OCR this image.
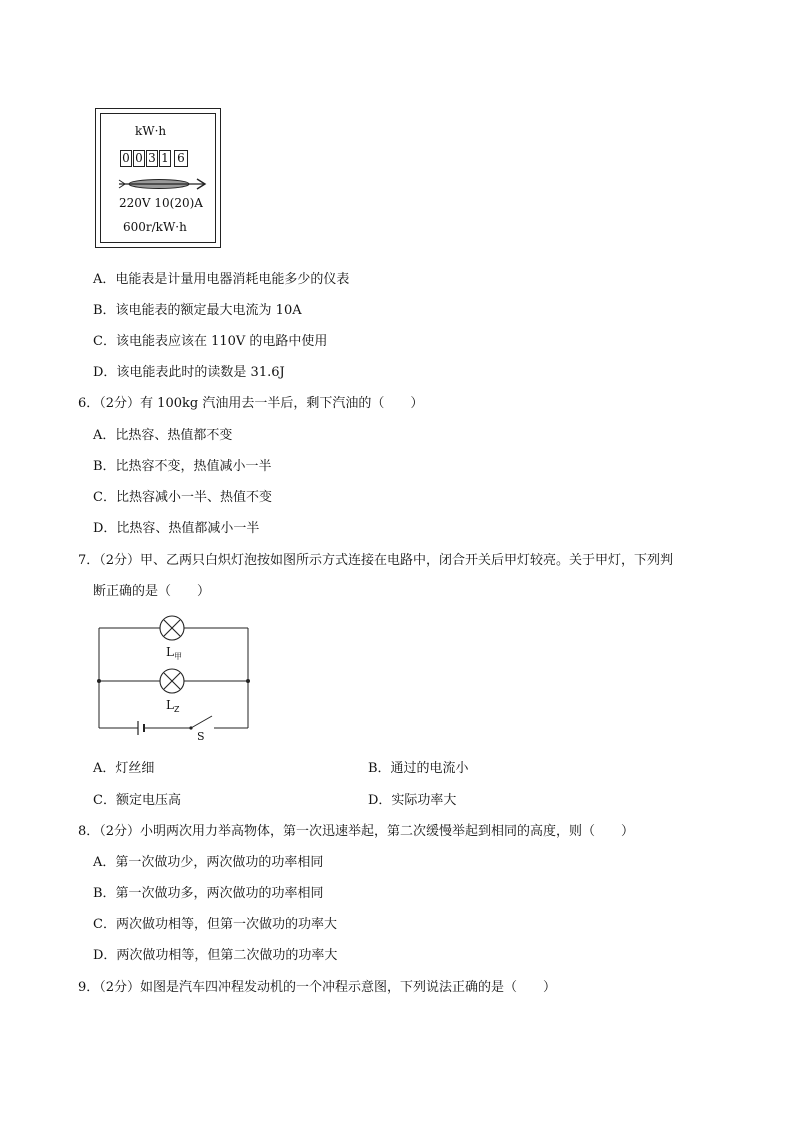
kW·h
0 0 3 1 6
220V 10(20)A
600r/kW·h
A．电能表是计量用电器消耗电能多少的仪表
B．该电能表的额定最大电流为 10A
C．该电能表应该在 110V 的电路中使用
D．该电能表此时的读数是 31.6J
6．（2分）有 100kg 汽油用去一半后，剩下汽油的（　　）
A．比热容、热值都不变
B．比热容不变，热值减小一半
C．比热容减小一半、热值不变
D．比热容、热值都减小一半
7．（2分）甲、乙两只白炽灯泡按如图所示方式连接在电路中，闭合开关后甲灯较亮。关于甲灯，下列判
断正确的是（　　）
L 甲
L Z
S
A．灯丝细	B．通过的电流小
C．额定电压高	D．实际功率大
8．（2分）小明两次用力举高物体，第一次迅速举起，第二次缓慢举起到相同的高度，则（　　）
A．第一次做功少，两次做功的功率相同
B．第一次做功多，两次做功的功率相同
C．两次做功相等，但第一次做功的功率大
D．两次做功相等，但第二次做功的功率大
9．（2分）如图是汽车四冲程发动机的一个冲程示意图，下列说法正确的是（　　）
